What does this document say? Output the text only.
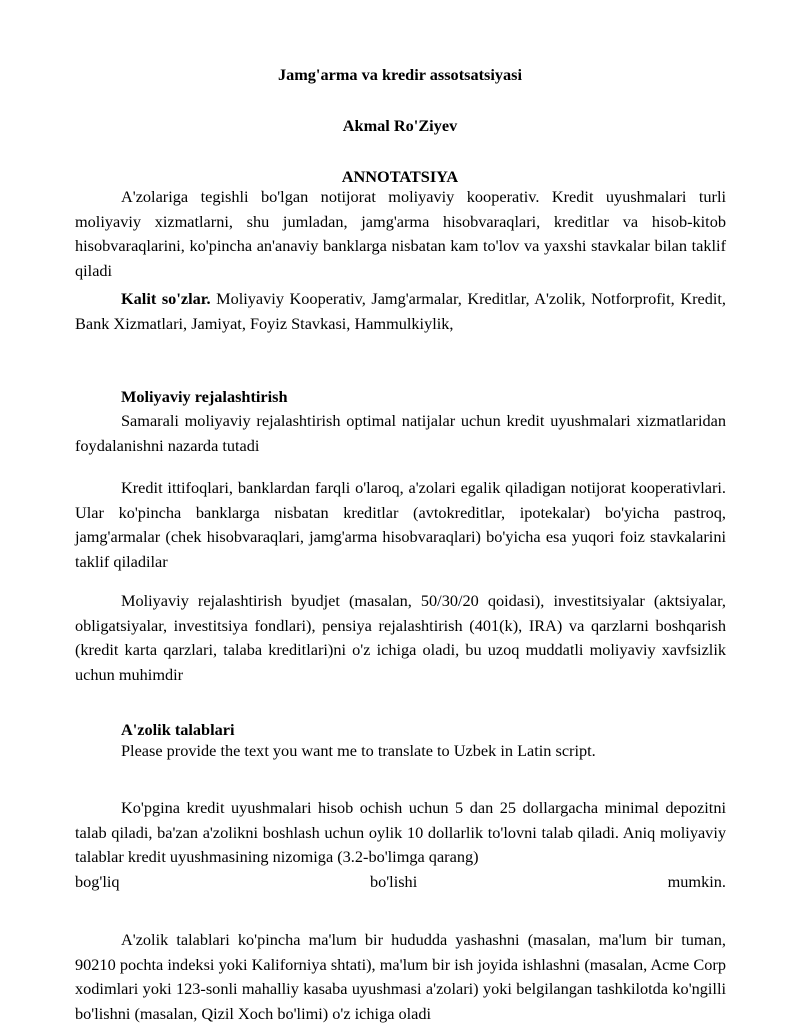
Jamg'arma va kredir assotsatsiyasi

Akmal Ro'Ziyev

ANNOTATSIYA

A'zolariga tegishli bo'lgan notijorat moliyaviy kooperativ. Kredit uyushmalari turli moliyaviy xizmatlarni, shu jumladan, jamg'arma hisobvaraqlari, kreditlar va hisob-kitob hisobvaraqlarini, ko'pincha an'anaviy banklarga nisbatan kam to'lov va yaxshi stavkalar bilan taklif qiladi

Kalit so'zlar. Moliyaviy Kooperativ, Jamg'armalar, Kreditlar, A'zolik, Notforprofit, Kredit, Bank Xizmatlari, Jamiyat, Foyiz Stavkasi, Hammulkiylik,

Moliyaviy rejalashtirish

Samarali moliyaviy rejalashtirish optimal natijalar uchun kredit uyushmalari xizmatlaridan foydalanishni nazarda tutadi

Kredit ittifoqlari, banklardan farqli o'laroq, a'zolari egalik qiladigan notijorat kooperativlari. Ular ko'pincha banklarga nisbatan kreditlar (avtokreditlar, ipotekalar) bo'yicha pastroq, jamg'armalar (chek hisobvaraqlari, jamg'arma hisobvaraqlari) bo'yicha esa yuqori foiz stavkalarini taklif qiladilar

Moliyaviy rejalashtirish byudjet (masalan, 50/30/20 qoidasi), investitsiyalar (aktsiyalar, obligatsiyalar, investitsiya fondlari), pensiya rejalashtirish (401(k), IRA) va qarzlarni boshqarish (kredit karta qarzlari, talaba kreditlari)ni o'z ichiga oladi, bu uzoq muddatli moliyaviy xavfsizlik uchun muhimdir

A'zolik talablari

Please provide the text you want me to translate to Uzbek in Latin script.

Ko'pgina kredit uyushmalari hisob ochish uchun 5 dan 25 dollargacha minimal depozitni talab qiladi, ba'zan a'zolikni boshlash uchun oylik 10 dollarlik to'lovni talab qiladi. Aniq moliyaviy talablar kredit uyushmasining nizomiga (3.2-bo'limga qarang)

bog'liq	bo'lishi	mumkin.

A'zolik talablari ko'pincha ma'lum bir hududda yashashni (masalan, ma'lum bir tuman, 90210 pochta indeksi yoki Kaliforniya shtati), ma'lum bir ish joyida ishlashni (masalan, Acme Corp xodimlari yoki 123-sonli mahalliy kasaba uyushmasi a'zolari) yoki belgilangan tashkilotda ko'ngilli bo'lishni (masalan, Qizil Xoch bo'limi) o'z ichiga oladi
